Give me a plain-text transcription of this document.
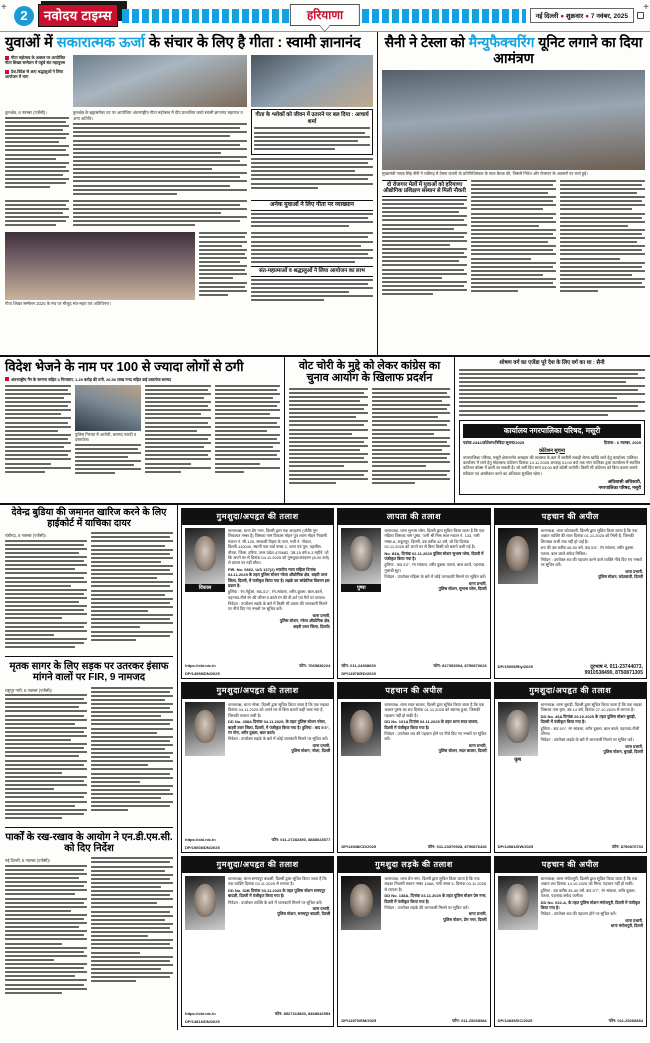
+	+
2	नवोदय टाइम्स	हरियाणा	नई दिल्ली ● शुक्रवार ● 7 नवंबर, 2025
युवाओं में सकारात्मक ऊर्जा के संचार के लिए है गीता : स्वामी ज्ञानानंद
गीता महोत्सव के अवसर पर आयोजित गीता शिखर सम्मेलन में पहुंचे संत महापुरुष
देश-विदेश से आए श्रद्धालुओं ने लिया आयोजन में भाग
कुरुक्षेत्र, 6 नवम्बर (एजेंसी)।	कुरुक्षेत्र के ब्रह्मसरोवर तट पर आयोजित अंतरराष्ट्रीय गीता महोत्सव में दीप प्रज्वलित करते स्वामी ज्ञानानंद महाराज व अन्य अतिथि।	गीता के श्लोकों को जीवन में उतारने पर बल दिया : आचार्य शर्मा
अनेक युवाओं ने लिए गीता पर व्याख्यान
गीता शिखर सम्मेलन 2025 के मंच पर मौजूद संत-महंत एवं अतिथिगण।
संत-महात्माओं व श्रद्धालुओं ने लिया आयोजन का लाभ
सैनी ने टेस्ला को मैन्युफैक्चरिंग यूनिट लगाने का दिया आमंत्रण
मुख्यमंत्री नायब सिंह सैनी ने चंडीगढ़ में टेस्ला कंपनी के प्रतिनिधिमंडल के साथ बैठक की, जिसमें निवेश और रोजगार के अवसरों पर चर्चा हुई।
दो रोजगार मेलों में युवाओं को हरियाणा औद्योगिक प्रशिक्षण संस्थान से मिली नौकरी
विदेश भेजने के नाम पर 100 से ज्यादा लोगों से ठगी
अंतरराष्ट्रीय गैंग के सरगना सहित 3 गिरफ्तार, 1.25 करोड़ की ठगी, 26.50 लाख नगद सहित कई दस्तावेज बरामद
पुलिस गिरफ्त में आरोपी, बरामद नकदी व दस्तावेज।
वोट चोरी के मुद्दे को लेकर कांग्रेस का
चुनाव आयोग के खिलाफ प्रदर्शन
शोषण वर्ग का एजेंडा पूरे देश के लिए वर्ग का था : सैनी
कार्यालय नगरपालिका परिषद, मसूरी
पत्रांक.2442/कोटेशन/निविदा सूचना/2025	दिनांक : 6 नवम्बर, 2025
कोटेशन सूचना
नगरपालिका परिषद, मसूरी क्षेत्रान्तर्गत असहाय की व्यवस्था के क्रम में जलौनी लकड़ी सेल्फ खरीदे जाने हेतु कार्यालय पालिका कार्यालय में लाने हेतु मोहरबन्द कोटेशन दिनांक 14.11.2025 अपराह्न 01:00 बजे तक नगर पालिका द्वारा कार्यालय में स्थापित कोटेशन बॉक्स में डाली जा सकती है। जो उसी दिन सायं 03:00 बजे खोली जायेगी। किसी भी कोटेशन को बिना कारण बताये स्वीकार एवं अस्वीकार करने का अधिकार सुरक्षित रहेगा।
अधिशासी अधिकारी,
नगरपालिका परिषद, मसूरी
देवेन्द्र बुडिया की जमानत खारिज करने के लिए हाईकोर्ट में याचिका दायर
चंडीगढ़, 6 नवम्बर (एजेंसी)।
मृतक सागर के लिए सड़क पर उतरकर इंसाफ मांगने वालों पर FIR, 9 नामजद
राष्ट्रपुर नारी, 6 नवम्बर (एजेंसी)।
पार्कों के रख-रखाव के आयोग ने एन.डी.एम.सी. को दिए निर्देश
नई दिल्ली, 6 नवम्बर (एजेंसी)।
गुमशुदा/अपहृत की तलाश
विकास
थानाध्यक्ष, थाना प्रेम नगर, दिल्ली द्वारा एक अपहरण (जोकि गुम शिकायत नम्बर है) जिसका नाम विकास मोहन पुत्र श्याम मोहन निवासी मकान नं. सी-125, सरकारी विहार के पास, गली नं. गोकल, दिल्ली-110040, स्थायी पता वार्ड नम्बर 2, थाना एवं पुरा, तहसील-तीरवा, जिला, हरिया, उत्तर प्रदेश-475682, उम्र-15 वर्ष 6-3 महीने, जो कि अपने घर से दिनांक 04.11.2025 को गुमशुदा/अपहरण (8.00 बजे) से वापस घर नहीं लौटा।
FIR. No. 0662, U/S 137(2) भारतीय न्याय संहिता दिनांक 04.11.2025 के तहत पुलिस स्टेशन नरेला औद्योगिक क्षेत्र, बाहरी उत्तर जिला, दिल्ली, में पंजीकृत किया गया है। लड़के का सांकेतिक विवरण इस प्रकार है:
हुलिया : रंग-गेहूँआ, कद-5'2", रंग-सांवला, शरीर-दुबला, बाल-काले, पहनावा-नीले रंग की जीन्स व काले रंग की टी-शर्ट एवं पैरों पर चप्पल।
निवेदन : उपरोक्त लड़के के बारे में किसी भी प्रकार की जानकारी मिलने पर नीचे दिए गए नम्बरों पर सूचित करें।
थाना प्रभारी,
पुलिस स्टेशन, नरेला औद्योगिक क्षेत्र,
बाहरी उत्तर जिला, दिल्ली।
https://cbi.nic.in	फोन: 7065836224
DP/14998/DN/2025
लापता की तलाश
पुष्पा
थानाध्यक्ष, थाना सुभाष प्लेस, दिल्ली द्वारा सूचित किया जाता है कि एक महिला जिसका नाम पुष्पा, पत्नी श्री मिश्र लाल मकान नं. 133, गली नम्बर-8, शकूरपुर, दिल्ली, उम्र करीब 42 वर्ष, जो कि दिनांक 02.11.2025 को अपने घर से बिना किसी को बताये चली गई है।
No. 83A, दिनांक 02.11.2025 पुलिस स्टेशन सुभाष प्लेस, दिल्ली में पंजीकृत किया गया है।
हुलिया : कद 5'2", रंग सांवला, शरीर दुबला-पतला, बाल काले, पहनावा-गुलाबी सूट।
निवेदन : उपरोक्त महिला के बारे में कोई जानकारी मिलने पर सूचित करें।
थाना प्रभारी,
पुलिस स्टेशन, सुभाष प्लेस, दिल्ली
फोन: 011-24368639	फोन: 827353904, 8750870623
DP/14978/ED/2025
पहचान की अपील
थानाध्यक्ष, थाना कोतवाली, दिल्ली द्वारा सूचित किया जाता है कि एक अज्ञात व्यक्ति की लाश दिनांक 01.11.2025 को मिली है, जिसकी शिनाख्त अभी तक नहीं हो पाई है।
शव की उम्र करीब 45-50 वर्ष, कद 5'6", रंग सांवला, शरीर दुबला-पतला, बाल काले-सफेद मिश्रित।
निवेदन : उपरोक्त शव की पहचान करने वाले व्यक्ति नीचे दिए गए नम्बरों पर सूचित करें।
थाना प्रभारी,
पुलिस स्टेशन, कोतवाली, दिल्ली
DP/15005/Rly/2025	दूरभाष नं. 011-23744073,
9910538490, 8750871305
गुमशुदा/अपहृत की तलाश
थानाध्यक्ष, थाना नरेला, दिल्ली द्वारा सूचित किया जाता है कि एक लड़का दिनांक 04.11.2025 को अपने घर से बिना बताये कहीं चला गया है, जिसकी तलाश जारी है।
DD No. 288A दिनांक 04.11.2025, के तहत पुलिस स्टेशन नरेला, बाहरी उत्तर जिला, दिल्ली, में पंजीकृत किया गया है। हुलिया : कद 5'3", रंग गोरा, शरीर दुबला, बाल काले।
निवेदन : उपरोक्त लड़के के बारे में कोई जानकारी मिलने पर सूचित करें।
थाना प्रभारी,
पुलिस स्टेशन, नरेला, दिल्ली
https://cbi.nic.in	फोन: 011-27282350, 8888023577
DP/15008/DN/2025
पहचान की अपील
थानाध्यक्ष, थाना सदर बाजार, दिल्ली द्वारा सूचित किया जाता है कि एक अज्ञात पुरुष का शव दिनांक 01.11.2025 को बरामद हुआ, जिसकी पहचान नहीं हो सकी है।
DD No. 101A दिनांक 04.11.2025 के तहत थाना सदर बाजार, दिल्ली में पंजीकृत किया गया है।
निवेदन : उपरोक्त शव की पहचान होने पर नीचे दिए गए नम्बरों पर सूचित करें।
थाना प्रभारी,
पुलिस स्टेशन, सदर बाजार, दिल्ली
DP/14948/CD/2025	फोन: 011-23370928, 8750876426
गुमशुदा/अपहृत की तलाश
कृष
थानाध्यक्ष, थाना बुराड़ी, दिल्ली द्वारा सूचित किया जाता है कि एक लड़का जिसका नाम कृष, उम्र 14 वर्ष, दिनांक 27.10.2025 से लापता है।
DD No. 46A दिनांक 29.10.2025 के तहत पुलिस स्टेशन बुराड़ी, दिल्ली में पंजीकृत किया गया है।
हुलिया : कद 5'0", रंग सांवला, शरीर दुबला, बाल काले, पहनावा-नीली जीन्स।
निवेदन : उपरोक्त लड़के के बारे में जानकारी मिलने पर सूचित करें।
थाना प्रभारी,
पुलिस स्टेशन, बुराड़ी, दिल्ली
DP/14581/DW/2025	फोन: 8750870733
गुमशुदा/अपहृत की तलाश
थानाध्यक्ष, थाना समयपुर बादली, दिल्ली द्वारा सूचित किया जाता है कि एक व्यक्ति दिनांक 03.11.2025 से लापता है।
DD No. 52B दिनांक 03.11.2025 के तहत पुलिस स्टेशन समयपुर बादली, दिल्ली में पंजीकृत किया गया है।
निवेदन : उपरोक्त व्यक्ति के बारे में जानकारी मिलने पर सूचित करें।
थाना प्रभारी,
पुलिस स्टेशन, समयपुर बादली, दिल्ली
https://cbi.nic.in	फोन: 8527313830, 8468642953
DP/14816/DN/2025
गुमशुदा लड़के की तलाश
थानाध्यक्ष, थाना प्रेम नगर, दिल्ली द्वारा सूचित किया जाता है कि एक लड़का निवासी मकान नम्बर 138A, गली नम्बर 5, दिनांक 03.11.2025 से लापता है।
DD No. 138A, दिनांक 03.11.2025 के तहत पुलिस स्टेशन प्रेम नगर, दिल्ली में पंजीकृत किया गया है।
निवेदन : उपरोक्त लड़के की जानकारी मिलने पर सूचित करें।
थाना प्रभारी,
पुलिस स्टेशन, प्रेम नगर, दिल्ली
DP/14970/EM/2025	फोन: 011-25268384
पहचान की अपील
थानाध्यक्ष, थाना मंगोलपुरी, दिल्ली द्वारा सूचित किया जाता है कि एक अज्ञात शव दिनांक 14.10.2025 को मिला, पहचान नहीं हो सकी।
हुलिया : उम्र करीब 35-40 वर्ष, कद 5'7", रंग सांवला, शरीर दुबला-पतला, पहनावा-सफेद कमीज।
DD No. 022-A, के तहत पुलिस स्टेशन मंगोलपुरी, दिल्ली में पंजीकृत किया गया है।
निवेदन : उपरोक्त शव की पहचान होने पर सूचित करें।
थाना प्रभारी,
थाना मंगोलपुरी, दिल्ली
DP/14835/DC/2025	फोन: 011-25268384
